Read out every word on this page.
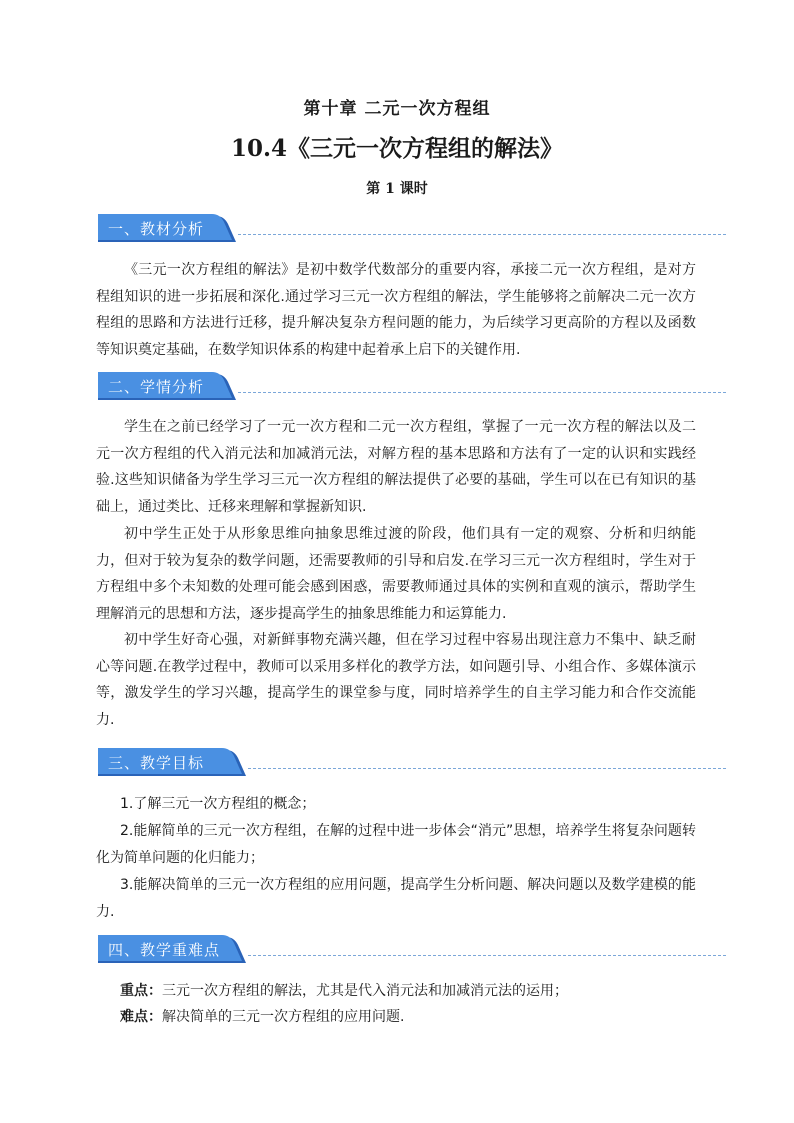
第十章 二元一次方程组
10.4《三元一次方程组的解法》
第 1 课时
一、教材分析

《三元一次方程组的解法》是初中数学代数部分的重要内容，承接二元一次方程组，是对方程组知识的进一步拓展和深化.通过学习三元一次方程组的解法，学生能够将之前解决二元一次方程组的思路和方法进行迁移，提升解决复杂方程问题的能力，为后续学习更高阶的方程以及函数等知识奠定基础，在数学知识体系的构建中起着承上启下的关键作用.

二、学情分析

学生在之前已经学习了一元一次方程和二元一次方程组，掌握了一元一次方程的解法以及二元一次方程组的代入消元法和加减消元法，对解方程的基本思路和方法有了一定的认识和实践经验.这些知识储备为学生学习三元一次方程组的解法提供了必要的基础，学生可以在已有知识的基础上，通过类比、迁移来理解和掌握新知识.

初中学生正处于从形象思维向抽象思维过渡的阶段，他们具有一定的观察、分析和归纳能力，但对于较为复杂的数学问题，还需要教师的引导和启发.在学习三元一次方程组时，学生对于方程组中多个未知数的处理可能会感到困惑，需要教师通过具体的实例和直观的演示，帮助学生理解消元的思想和方法，逐步提高学生的抽象思维能力和运算能力.

初中学生好奇心强，对新鲜事物充满兴趣，但在学习过程中容易出现注意力不集中、缺乏耐心等问题.在教学过程中，教师可以采用多样化的教学方法，如问题引导、小组合作、多媒体演示等，激发学生的学习兴趣，提高学生的课堂参与度，同时培养学生的自主学习能力和合作交流能力.

三、教学目标

1.了解三元一次方程组的概念；

2.能解简单的三元一次方程组，在解的过程中进一步体会“消元”思想，培养学生将复杂问题转化为简单问题的化归能力；

3.能解决简单的三元一次方程组的应用问题，提高学生分析问题、解决问题以及数学建模的能力.

四、教学重难点

重点：三元一次方程组的解法，尤其是代入消元法和加减消元法的运用；

难点：解决简单的三元一次方程组的应用问题.
